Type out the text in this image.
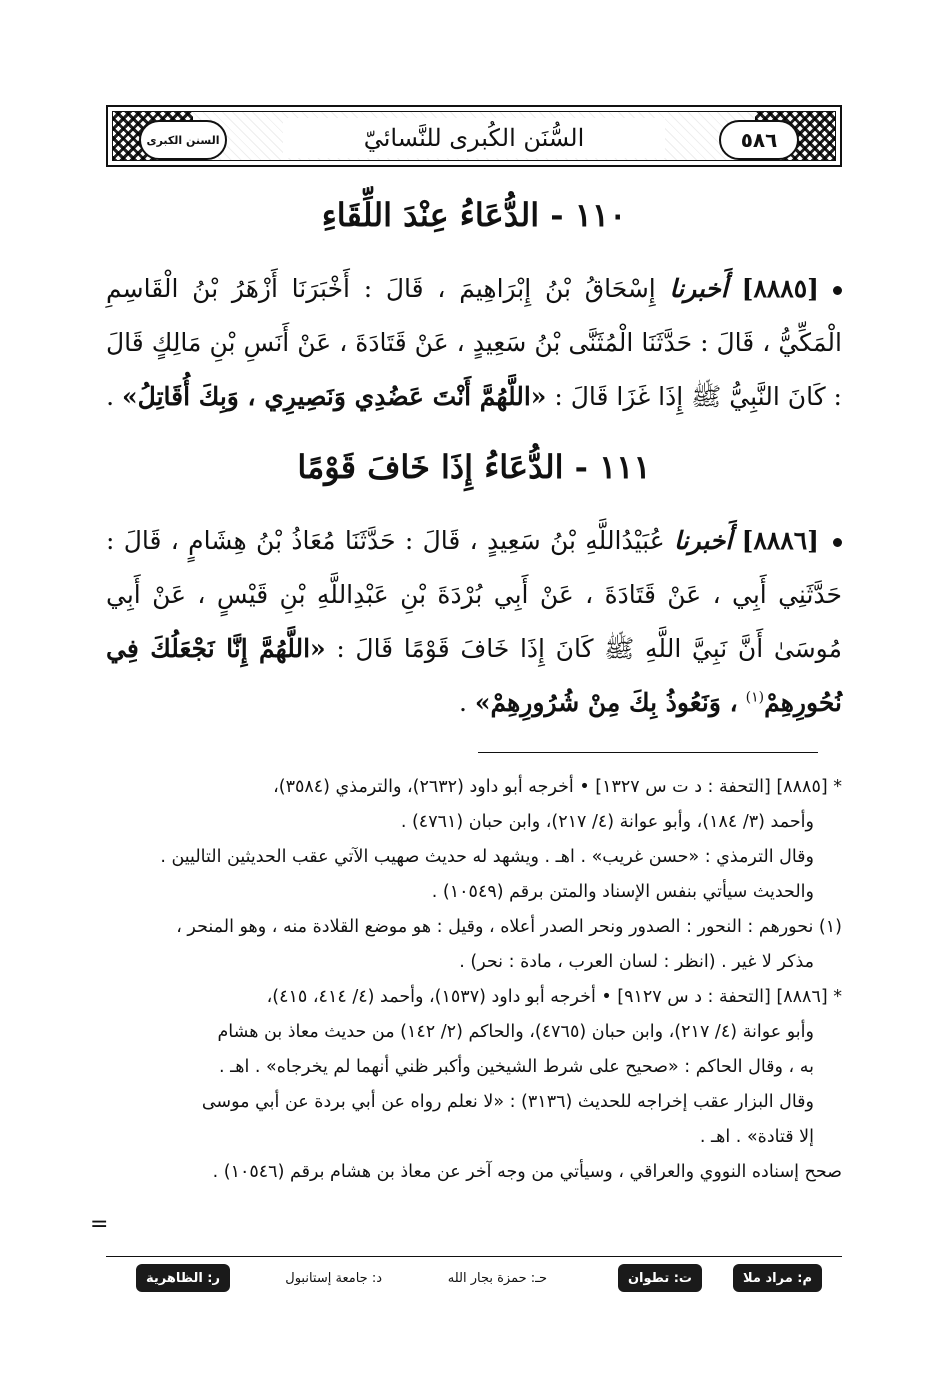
السنن الكبرى	السُّنَن الكُبرى للنَّسائيّ	٥٨٦
١١٠ - الدُّعَاءُ عِنْدَ اللِّقَاءِ
[٨٨٨٥] أَخبرنا إِسْحَاقُ بْنُ إِبْرَاهِيمَ ، قَالَ : أَخْبَرَنَا أَزْهَرُ بْنُ الْقَاسِمِ الْمَكِّيُّ ، قَالَ : حَدَّثَنَا الْمُثَنَّى بْنُ سَعِيدٍ ، عَنْ قَتَادَةَ ، عَنْ أَنَسِ بْنِ مَالِكٍ قَالَ : كَانَ النَّبِيُّ ﷺ إِذَا غَزَا قَالَ : «اللَّهُمَّ أَنْتَ عَضُدِي وَنَصِيرِي ، وَبِكَ أُقَاتِلُ» .
١١١ - الدُّعَاءُ إِذَا خَافَ قَوْمًا
[٨٨٨٦] أَخبرنا عُبَيْدُاللَّهِ بْنُ سَعِيدٍ ، قَالَ : حَدَّثَنَا مُعَاذُ بْنُ هِشَامٍ ، قَالَ : حَدَّثَنِي أَبِي ، عَنْ قَتَادَةَ ، عَنْ أَبِي بُرْدَةَ بْنِ عَبْدِاللَّهِ بْنِ قَيْسٍ ، عَنْ أَبِي مُوسَىٰ أَنَّ نَبِيَّ اللَّهِ ﷺ كَانَ إِذَا خَافَ قَوْمًا قَالَ : «اللَّهُمَّ إِنَّا نَجْعَلُكَ فِي نُحُورِهِمْ$^{(١)}$ ، وَنَعُوذُ بِكَ مِنْ شُرُورِهِمْ» .
* [٨٨٨٥] [التحفة : د ت س ١٣٢٧] • أخرجه أبو داود (٢٦٣٢)، والترمذي (٣٥٨٤)،
وأحمد (٣/ ١٨٤)، وأبو عوانة (٤/ ٢١٧)، وابن حبان (٤٧٦١) .
وقال الترمذي : «حسن غريب» . اهـ . ويشهد له حديث صهيب الآتي عقب الحديثين التاليين .
والحديث سيأتي بنفس الإسناد والمتن برقم (١٠٥٤٩) .
(١) نحورهم : النحور : الصدور ونحر الصدر أعلاه ، وقيل : هو موضع القلادة منه ، وهو المنحر ،
مذكر لا غير . (انظر : لسان العرب ، مادة : نحر) .
* [٨٨٨٦] [التحفة : د س ٩١٢٧] • أخرجه أبو داود (١٥٣٧)، وأحمد (٤/ ٤١٤، ٤١٥)،
وأبو عوانة (٤/ ٢١٧)، وابن حبان (٤٧٦٥)، والحاكم (٢/ ١٤٢) من حديث معاذ بن هشام
به ، وقال الحاكم : «صحيح على شرط الشيخين وأكبر ظني أنهما لم يخرجاه» . اهـ .
وقال البزار عقب إخراجه للحديث (٣١٣٦) : «لا نعلم رواه عن أبي بردة عن أبي موسى
إلا قتادة» . اهـ .
صحح إسناده النووي والعراقي ، وسيأتي من وجه آخر عن معاذ بن هشام برقم (١٠٥٤٦) .
=
م: مراد ملا
ت: تطوان
حـ: حمزة بجار الله
د: جامعة إستانبول
ر: الظاهرية
